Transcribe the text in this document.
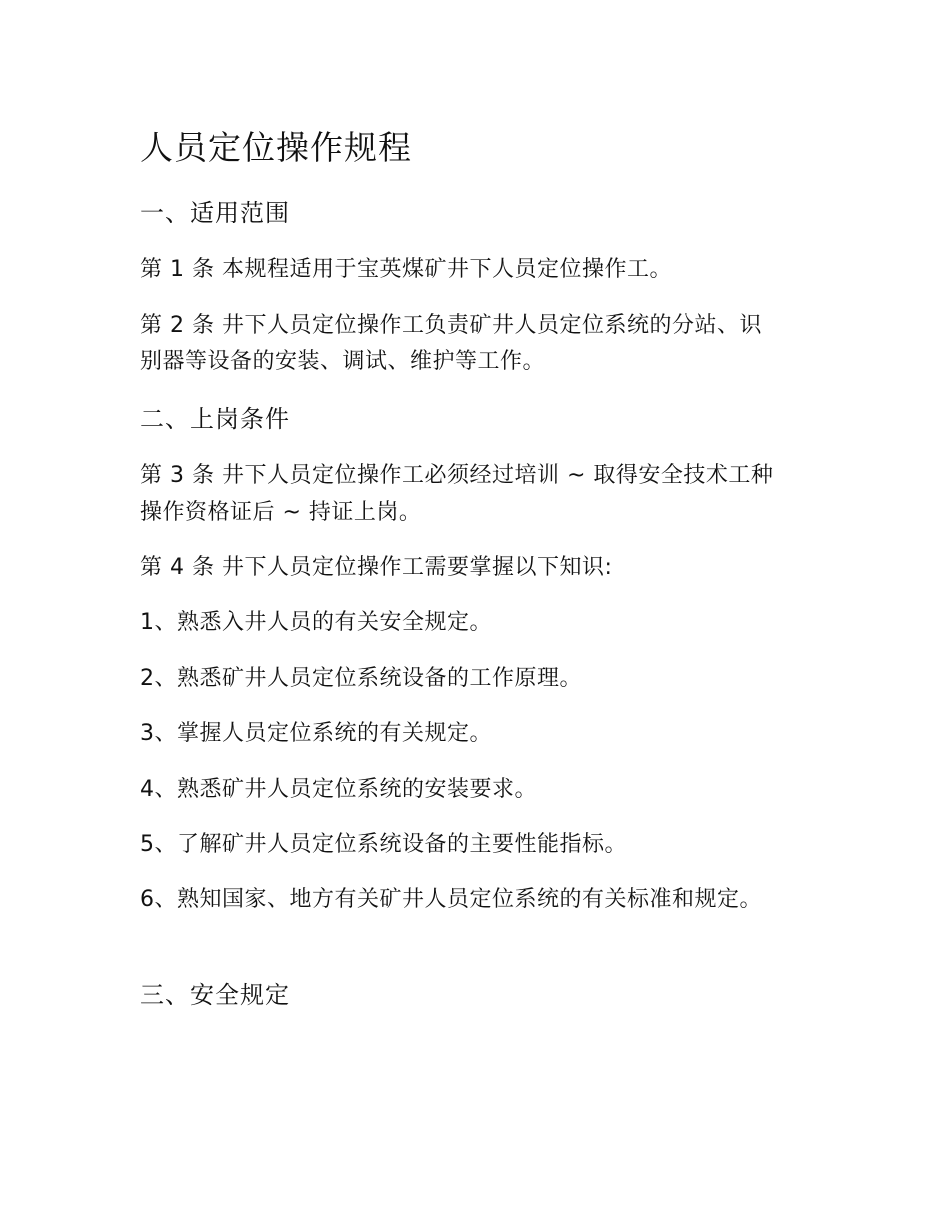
人员定位操作规程
一、适用范围

第 1 条 本规程适用于宝英煤矿井下人员定位操作工。

第 2 条 井下人员定位操作工负责矿井人员定位系统的分站、识

别器等设备的安装、调试、维护等工作。

二、上岗条件

第 3 条 井下人员定位操作工必须经过培训 ~ 取得安全技术工种

操作资格证后 ~ 持证上岗。

第 4 条 井下人员定位操作工需要掌握以下知识:

1、熟悉入井人员的有关安全规定。

2、熟悉矿井人员定位系统设备的工作原理。

3、掌握人员定位系统的有关规定。

4、熟悉矿井人员定位系统的安装要求。

5、了解矿井人员定位系统设备的主要性能指标。

6、熟知国家、地方有关矿井人员定位系统的有关标准和规定。

三、安全规定
